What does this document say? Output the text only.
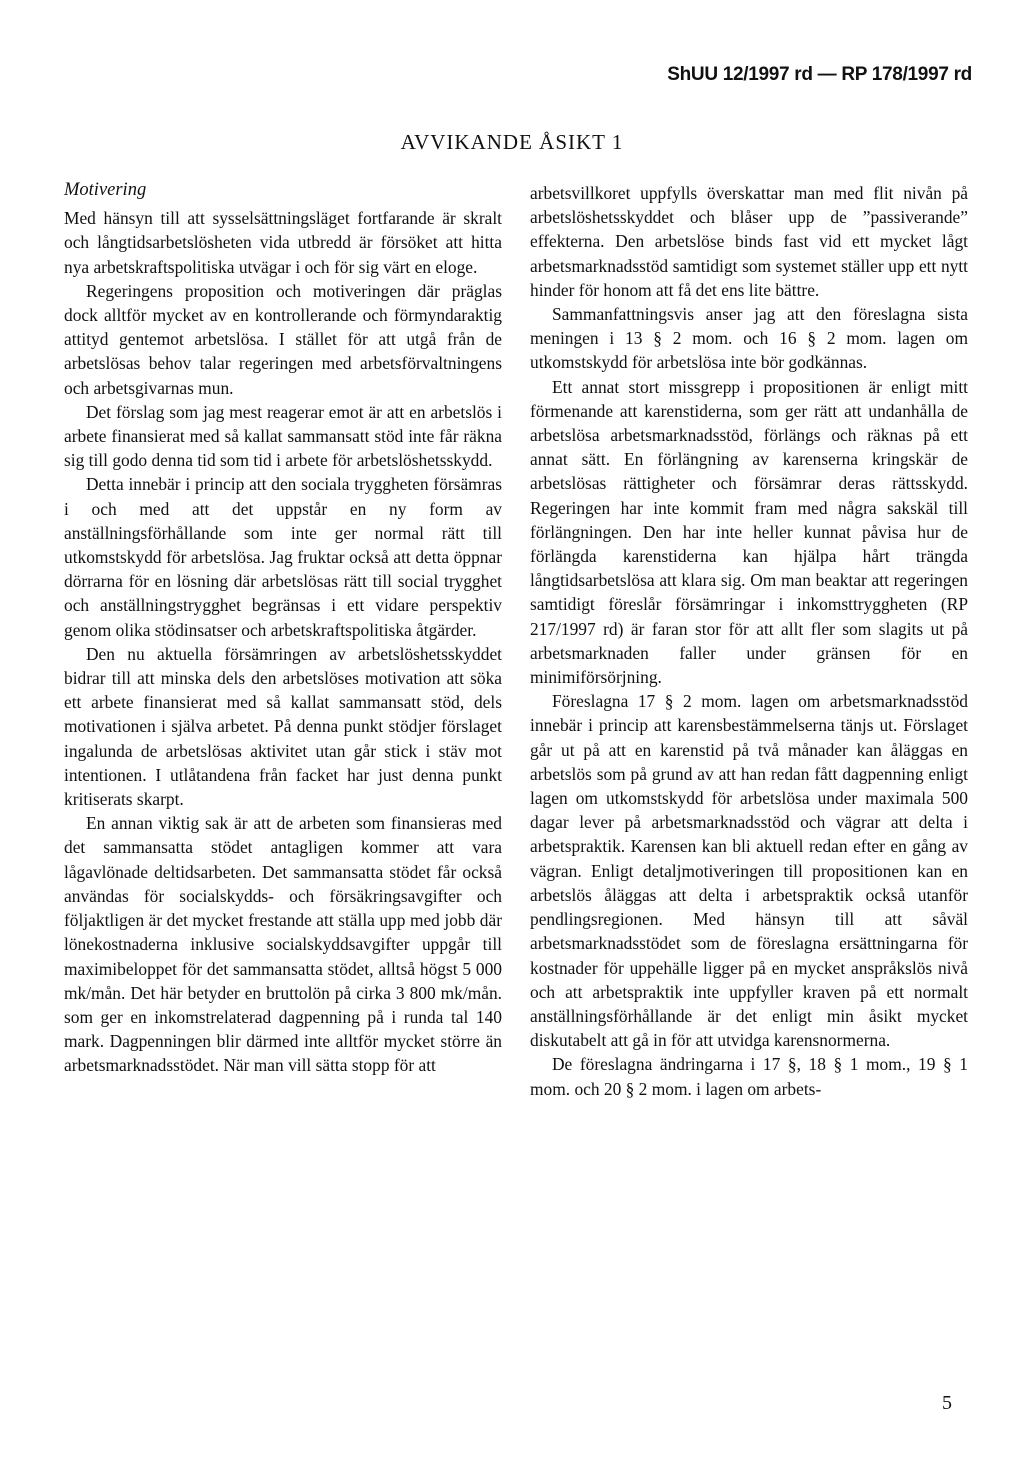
ShUU 12/1997 rd — RP 178/1997 rd
AVVIKANDE ÅSIKT 1
Motivering

Med hänsyn till att sysselsättningsläget fortfarande är skralt och långtidsarbetslösheten vida utbredd är försöket att hitta nya arbetskraftspolitiska utvägar i och för sig värt en eloge.

Regeringens proposition och motiveringen där präglas dock alltför mycket av en kontrollerande och förmyndaraktig attityd gentemot arbetslösa. I stället för att utgå från de arbetslösas behov talar regeringen med arbetsförvaltningens och arbetsgivarnas mun.

Det förslag som jag mest reagerar emot är att en arbetslös i arbete finansierat med så kallat sammansatt stöd inte får räkna sig till godo denna tid som tid i arbete för arbetslöshetsskydd.

Detta innebär i princip att den sociala tryggheten försämras i och med att det uppstår en ny form av anställningsförhållande som inte ger normal rätt till utkomstskydd för arbetslösa. Jag fruktar också att detta öppnar dörrarna för en lösning där arbetslösas rätt till social trygghet och anställningstrygghet begränsas i ett vidare perspektiv genom olika stödinsatser och arbetskraftspolitiska åtgärder.

Den nu aktuella försämringen av arbetslöshetsskyddet bidrar till att minska dels den arbetslöses motivation att söka ett arbete finansierat med så kallat sammansatt stöd, dels motivationen i själva arbetet. På denna punkt stödjer förslaget ingalunda de arbetslösas aktivitet utan går stick i stäv mot intentionen. I utlåtandena från facket har just denna punkt kritiserats skarpt.

En annan viktig sak är att de arbeten som finansieras med det sammansatta stödet antagligen kommer att vara lågavlönade deltidsarbeten. Det sammansatta stödet får också användas för socialskydds- och försäkringsavgifter och följaktligen är det mycket frestande att ställa upp med jobb där lönekostnaderna inklusive socialskyddsavgifter uppgår till maximibeloppet för det sammansatta stödet, alltså högst 5 000 mk/mån. Det här betyder en bruttolön på cirka 3 800 mk/mån. som ger en inkomstrelaterad dagpenning på i runda tal 140 mark. Dagpenningen blir därmed inte alltför mycket större än arbetsmarknadsstödet. När man vill sätta stopp för att

arbetsvillkoret uppfylls överskattar man med flit nivån på arbetslöshetsskyddet och blåser upp de ”passiverande” effekterna. Den arbetslöse binds fast vid ett mycket lågt arbetsmarknadsstöd samtidigt som systemet ställer upp ett nytt hinder för honom att få det ens lite bättre.

Sammanfattningsvis anser jag att den föreslagna sista meningen i 13 § 2 mom. och 16 § 2 mom. lagen om utkomstskydd för arbetslösa inte bör godkännas.

Ett annat stort missgrepp i propositionen är enligt mitt förmenande att karenstiderna, som ger rätt att undanhålla de arbetslösa arbetsmarknadsstöd, förlängs och räknas på ett annat sätt. En förlängning av karenserna kringskär de arbetslösas rättigheter och försämrar deras rättsskydd. Regeringen har inte kommit fram med några sakskäl till förlängningen. Den har inte heller kunnat påvisa hur de förlängda karenstiderna kan hjälpa hårt trängda långtidsarbetslösa att klara sig. Om man beaktar att regeringen samtidigt föreslår försämringar i inkomsttryggheten (RP 217/1997 rd) är faran stor för att allt fler som slagits ut på arbetsmarknaden faller under gränsen för en minimiförsörjning.

Föreslagna 17 § 2 mom. lagen om arbetsmarknadsstöd innebär i princip att karensbestämmelserna tänjs ut. Förslaget går ut på att en karenstid på två månader kan åläggas en arbetslös som på grund av att han redan fått dagpenning enligt lagen om utkomstskydd för arbetslösa under maximala 500 dagar lever på arbetsmarknadsstöd och vägrar att delta i arbetspraktik. Karensen kan bli aktuell redan efter en gång av vägran. Enligt detaljmotiveringen till propositionen kan en arbetslös åläggas att delta i arbetspraktik också utanför pendlingsregionen. Med hänsyn till att såväl arbetsmarknadsstödet som de föreslagna ersättningarna för kostnader för uppehälle ligger på en mycket anspråkslös nivå och att arbetspraktik inte uppfyller kraven på ett normalt anställningsförhållande är det enligt min åsikt mycket diskutabelt att gå in för att utvidga karensnormerna.

De föreslagna ändringarna i 17 §, 18 § 1 mom., 19 § 1 mom. och 20 § 2 mom. i lagen om arbets-

5
